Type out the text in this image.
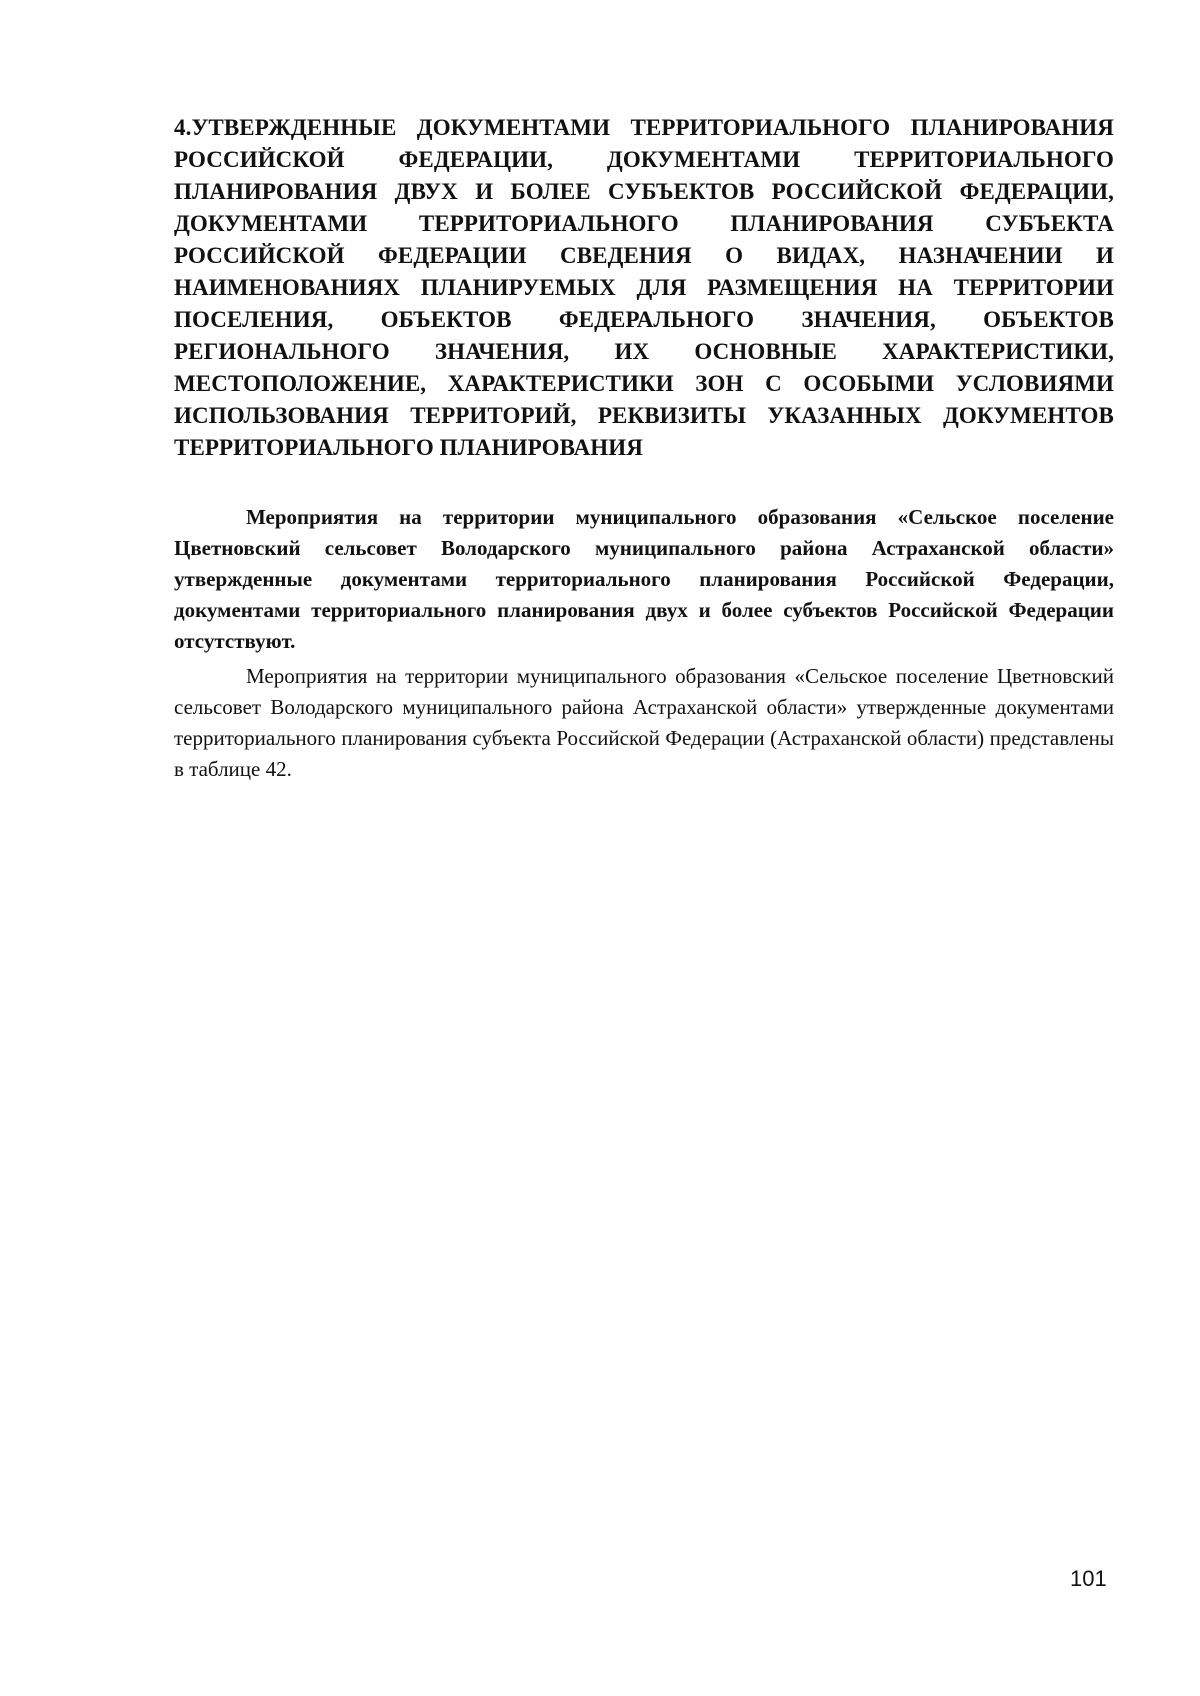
4.УТВЕРЖДЕННЫЕ ДОКУМЕНТАМИ ТЕРРИТОРИАЛЬНОГО ПЛАНИРОВАНИЯ РОССИЙСКОЙ ФЕДЕРАЦИИ, ДОКУМЕНТАМИ ТЕРРИТОРИАЛЬНОГО ПЛАНИРОВАНИЯ ДВУХ И БОЛЕЕ СУБЪЕКТОВ РОССИЙСКОЙ ФЕДЕРАЦИИ, ДОКУМЕНТАМИ ТЕРРИТОРИАЛЬНОГО ПЛАНИРОВАНИЯ СУБЪЕКТА РОССИЙСКОЙ ФЕДЕРАЦИИ СВЕДЕНИЯ О ВИДАХ, НАЗНАЧЕНИИ И НАИМЕНОВАНИЯХ ПЛАНИРУЕМЫХ ДЛЯ РАЗМЕЩЕНИЯ НА ТЕРРИТОРИИ ПОСЕЛЕНИЯ, ОБЪЕКТОВ ФЕДЕРАЛЬНОГО ЗНАЧЕНИЯ, ОБЪЕКТОВ РЕГИОНАЛЬНОГО ЗНАЧЕНИЯ, ИХ ОСНОВНЫЕ ХАРАКТЕРИСТИКИ, МЕСТОПОЛОЖЕНИЕ, ХАРАКТЕРИСТИКИ ЗОН С ОСОБЫМИ УСЛОВИЯМИ ИСПОЛЬЗОВАНИЯ ТЕРРИТОРИЙ, РЕКВИЗИТЫ УКАЗАННЫХ ДОКУМЕНТОВ ТЕРРИТОРИАЛЬНОГО ПЛАНИРОВАНИЯ

Мероприятия на территории муниципального образования «Сельское поселение Цветновский сельсовет Володарского муниципального района Астраханской области» утвержденные документами территориального планирования Российской Федерации, документами территориального планирования двух и более субъектов Российской Федерации отсутствуют.

Мероприятия на территории муниципального образования «Сельское поселение Цветновский сельсовет Володарского муниципального района Астраханской области» утвержденные документами территориального планирования субъекта Российской Федерации (Астраханской области) представлены в таблице 42.

101
